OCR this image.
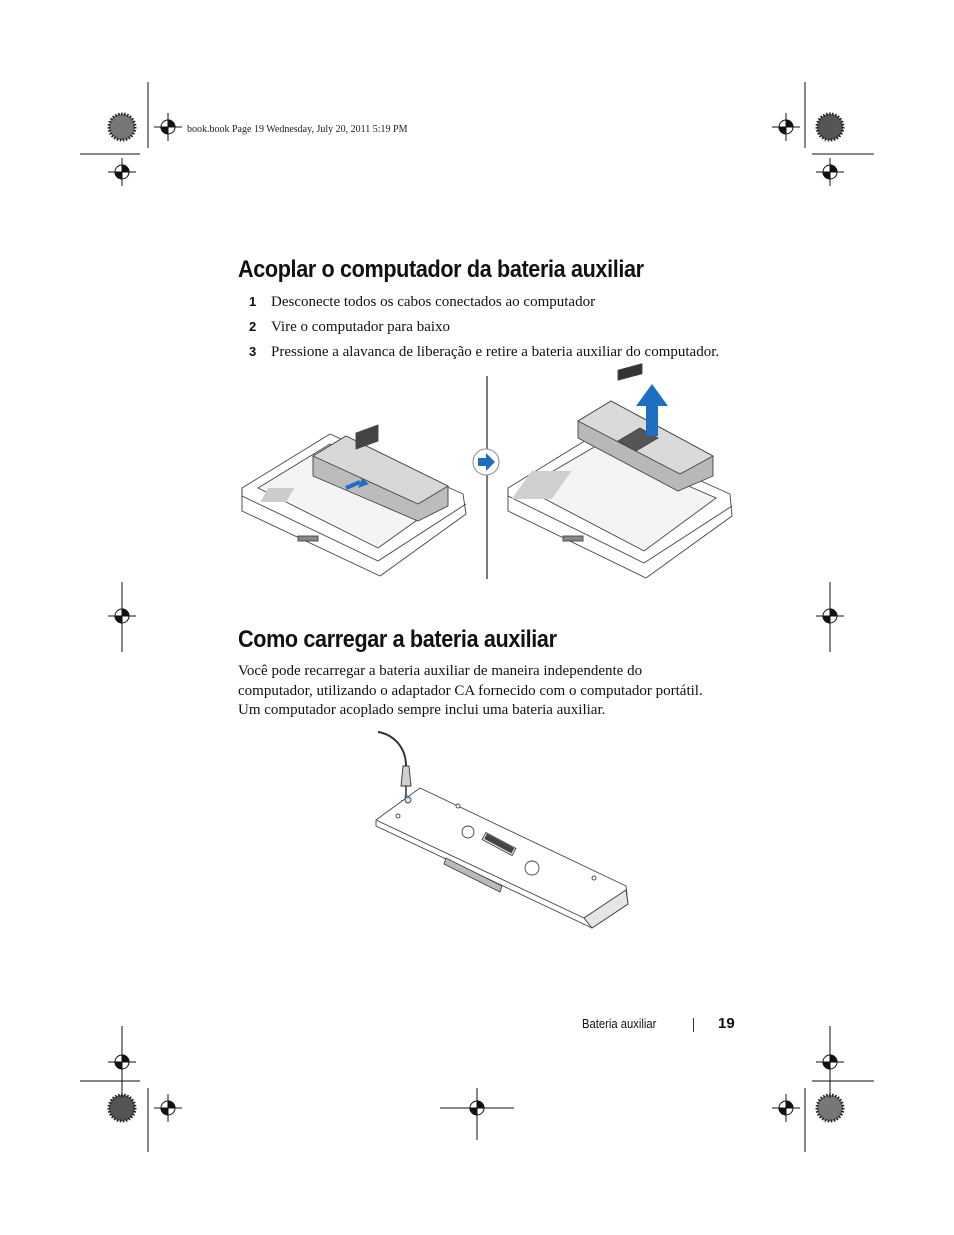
book.book Page 19 Wednesday, July 20, 2011 5:19 PM
Acoplar o computador da bateria auxiliar
1 Desconecte todos os cabos conectados ao computador
2 Vire o computador para baixo
3 Pressione a alavanca de liberação e retire a bateria auxiliar do computador.
Como carregar a bateria auxiliar

Você pode recarregar a bateria auxiliar de maneira independente do computador, utilizando o adaptador CA fornecido com o computador portátil. Um computador acoplado sempre inclui uma bateria auxiliar.

Bateria auxiliar	19
